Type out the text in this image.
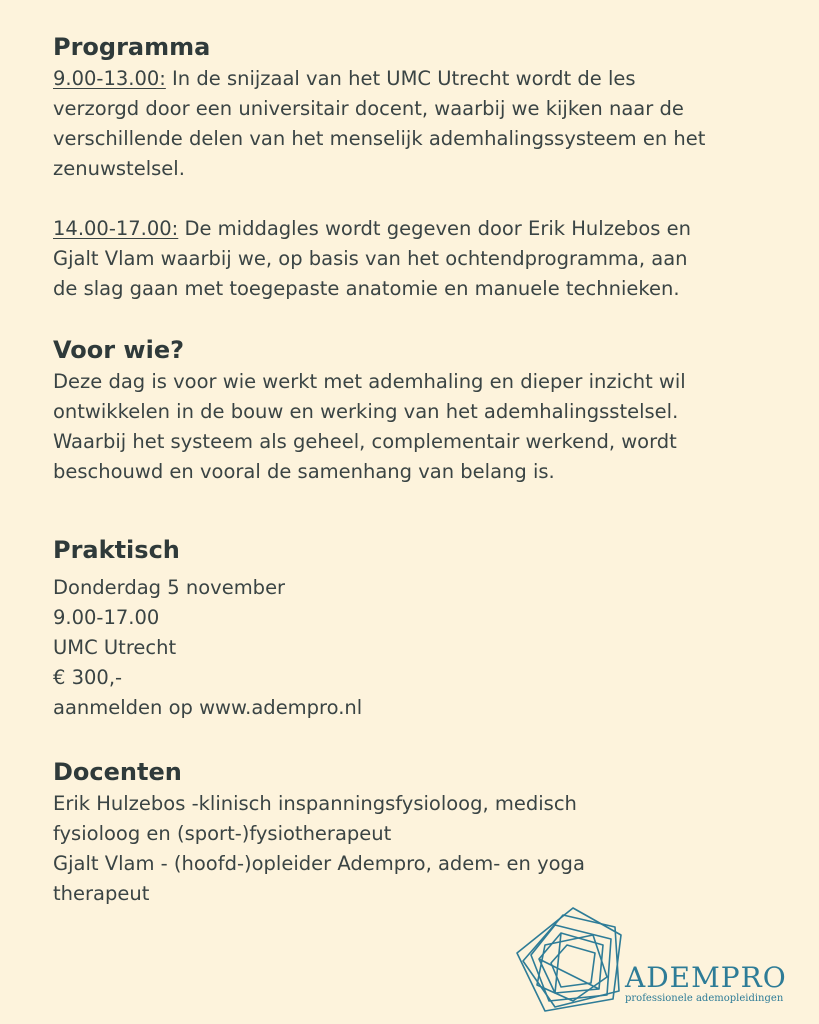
Programma

9.00-13.00: In de snijzaal van het UMC Utrecht wordt de les
verzorgd door een universitair docent, waarbij we kijken naar de
verschillende delen van het menselijk ademhalingssysteem en het
zenuwstelsel.

14.00-17.00: De middagles wordt gegeven door Erik Hulzebos en
Gjalt Vlam waarbij we, op basis van het ochtendprogramma, aan
de slag gaan met toegepaste anatomie en manuele technieken.

Voor wie?

Deze dag is voor wie werkt met ademhaling en dieper inzicht wil
ontwikkelen in de bouw en werking van het ademhalingsstelsel.
Waarbij het systeem als geheel, complementair werkend, wordt
beschouwd en vooral de samenhang van belang is.

Praktisch
Donderdag 5 november
9.00-17.00
UMC Utrecht
€ 300,-
aanmelden op www.adempro.nl
Docenten

Erik Hulzebos -klinisch inspanningsfysioloog, medisch
fysioloog en (sport-)fysiotherapeut
Gjalt Vlam - (hoofd-)opleider Adempro, adem- en yoga
therapeut

ADEMPRO
professionele ademopleidingen
